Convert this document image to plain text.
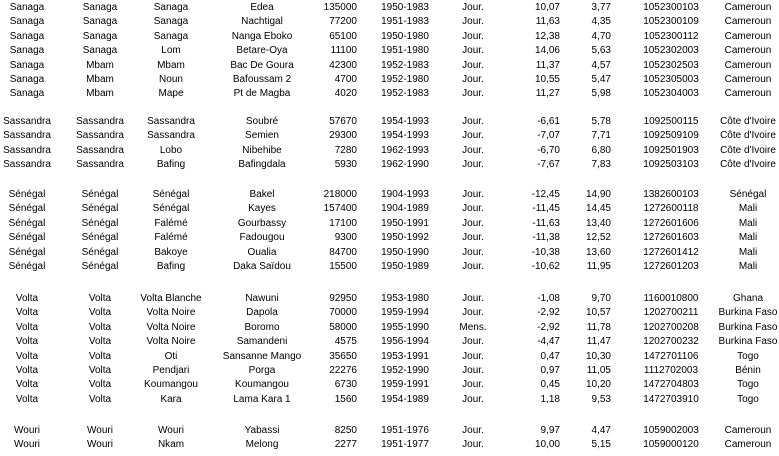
Sanaga	Sanaga	Sanaga	Edea	135000	1950-1983	Jour.	10,07	3,77	1052300103	Cameroun
Sanaga	Sanaga	Sanaga	Nachtigal	77200	1951-1983	Jour.	11,63	4,35	1052300109	Cameroun
Sanaga	Sanaga	Sanaga	Nanga Eboko	65100	1950-1980	Jour.	12,38	4,70	1052300112	Cameroun
Sanaga	Sanaga	Lom	Betare-Oya	11100	1951-1980	Jour.	14,06	5,63	1052302003	Cameroun
Sanaga	Mbam	Mbam	Bac De Goura	42300	1952-1983	Jour.	11,37	4,57	1052302503	Cameroun
Sanaga	Mbam	Noun	Bafoussam 2	4700	1952-1980	Jour.	10,55	5,47	1052305003	Cameroun
Sanaga	Mbam	Mape	Pt de Magba	4020	1952-1983	Jour.	11,27	5,98	1052304003	Cameroun
Sassandra	Sassandra	Sassandra	Soubré	57670	1954-1993	Jour.	-6,61	5,78	1092500115	Côte d'Ivoire
Sassandra	Sassandra	Sassandra	Semien	29300	1954-1993	Jour.	-7,07	7,71	1092509109	Côte d'Ivoire
Sassandra	Sassandra	Lobo	Nibehibe	7280	1962-1993	Jour.	-6,70	6,80	1092501903	Côte d'Ivoire
Sassandra	Sassandra	Bafing	Bafingdala	5930	1962-1990	Jour.	-7,67	7,83	1092503103	Côte d'Ivoire
Sénégal	Sénégal	Sénégal	Bakel	218000	1904-1993	Jour.	-12,45	14,90	1382600103	Sénégal
Sénégal	Sénégal	Sénégal	Kayes	157400	1904-1989	Jour.	-11,45	14,45	1272600118	Mali
Sénégal	Sénégal	Falémé	Gourbassy	17100	1950-1991	Jour.	-11,63	13,40	1272601606	Mali
Sénégal	Sénégal	Falémé	Fadougou	9300	1950-1992	Jour.	-11,38	12,52	1272601603	Mali
Sénégal	Sénégal	Bakoye	Oualia	84700	1950-1990	Jour.	-10,38	13,60	1272601412	Mali
Sénégal	Sénégal	Bafing	Daka Saïdou	15500	1950-1989	Jour.	-10,62	11,95	1272601203	Mali
Volta	Volta	Volta Blanche	Nawuni	92950	1953-1980	Jour.	-1,08	9,70	1160010800	Ghana
Volta	Volta	Volta Noire	Dapola	70000	1959-1994	Jour.	-2,92	10,57	1202700211	Burkina Faso
Volta	Volta	Volta Noire	Boromo	58000	1955-1990	Mens.	-2,92	11,78	1202700208	Burkina Faso
Volta	Volta	Volta Noire	Samandeni	4575	1956-1994	Jour.	-4,47	11,47	1202700232	Burkina Faso
Volta	Volta	Oti	Sansanne Mango	35650	1953-1991	Jour.	0,47	10,30	1472701106	Togo
Volta	Volta	Pendjari	Porga	22276	1952-1990	Jour.	0,97	11,05	1112702003	Bénin
Volta	Volta	Koumangou	Koumangou	6730	1959-1991	Jour.	0,45	10,20	1472704803	Togo
Volta	Volta	Kara	Lama Kara 1	1560	1954-1989	Jour.	1,18	9,53	1472703910	Togo
Wouri	Wouri	Wouri	Yabassi	8250	1951-1976	Jour.	9,97	4,47	1059002003	Cameroun
Wouri	Wouri	Nkam	Melong	2277	1951-1977	Jour.	10,00	5,15	1059000120	Cameroun
